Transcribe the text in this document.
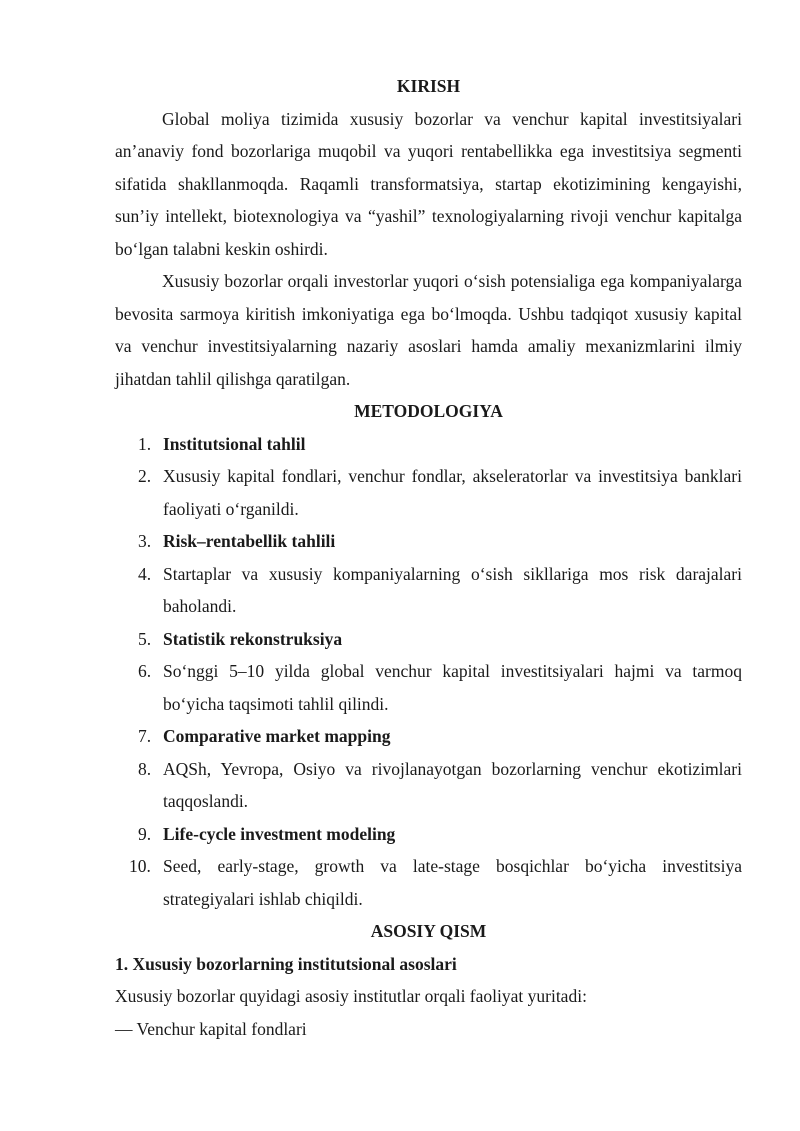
KIRISH

Global moliya tizimida xususiy bozorlar va venchur kapital investitsiyalari an’anaviy fond bozorlariga muqobil va yuqori rentabellikka ega investitsiya segmenti sifatida shakllanmoqda. Raqamli transformatsiya, startap ekotizimining kengayishi, sun’iy intellekt, biotexnologiya va “yashil” texnologiyalarning rivoji venchur kapitalga bo‘lgan talabni keskin oshirdi.

Xususiy bozorlar orqali investorlar yuqori o‘sish potensialiga ega kompaniyalarga bevosita sarmoya kiritish imkoniyatiga ega bo‘lmoqda. Ushbu tadqiqot xususiy kapital va venchur investitsiyalarning nazariy asoslari hamda amaliy mexanizmlarini ilmiy jihatdan tahlil qilishga qaratilgan.

METODOLOGIYA

1. Institutsional tahlil
2. Xususiy kapital fondlari, venchur fondlar, akseleratorlar va investitsiya banklari faoliyati o‘rganildi.
3. Risk–rentabellik tahlili
4. Startaplar va xususiy kompaniyalarning o‘sish sikllariga mos risk darajalari baholandi.
5. Statistik rekonstruksiya
6. So‘nggi 5–10 yilda global venchur kapital investitsiyalari hajmi va tarmoq bo‘yicha taqsimoti tahlil qilindi.
7. Comparative market mapping
8. AQSh, Yevropa, Osiyo va rivojlanayotgan bozorlarning venchur ekotizimlari taqqoslandi.
9. Life-cycle investment modeling
10. Seed, early-stage, growth va late-stage bosqichlar bo‘yicha investitsiya strategiyalari ishlab chiqildi.

ASOSIY QISM

1. Xususiy bozorlarning institutsional asoslari

Xususiy bozorlar quyidagi asosiy institutlar orqali faoliyat yuritadi:

— Venchur kapital fondlari
